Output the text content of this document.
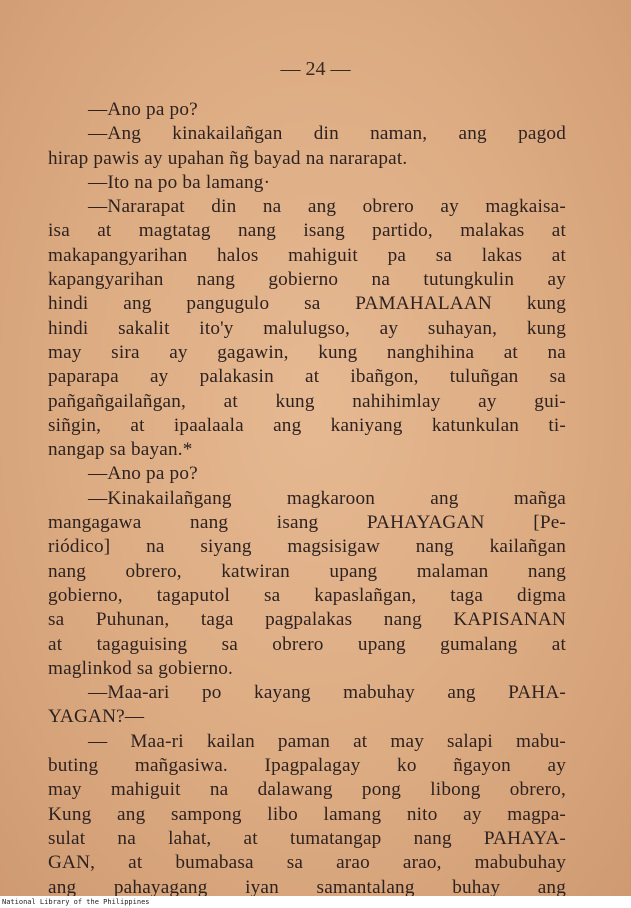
— 24 —
—Ano pa po?
—Ang kinakailañgan din naman, ang pagod
hirap pawis ay upahan ñg bayad na nararapat.
—Ito na po ba lamang·
—Nararapat din na ang obrero ay magkaisa-
isa at magtatag nang isang partido, malakas at
makapangyarihan halos mahiguit pa sa lakas at
kapangyarihan nang gobierno na tutungkulin ay
hindi ang pangugulo sa PAMAHALAAN kung
hindi sakalit ito'y malulugso, ay suhayan, kung
may sira ay gagawin, kung nanghihina at na
paparapa ay palakasin at ibañgon, tuluñgan sa
pañgañgailañgan, at kung nahihimlay ay gui-
siñgin, at ipaalaala ang kaniyang katunkulan ti-
nangap sa bayan.*
—Ano pa po?
—Kinakailañgang magkaroon ang mañga
mangagawa nang isang PAHAYAGAN [Pe-
riódico] na siyang magsisigaw nang kailañgan
nang obrero, katwiran upang malaman nang
gobierno, tagaputol sa kapaslañgan, taga digma
sa Puhunan, taga pagpalakas nang KAPISANAN
at tagaguising sa obrero upang gumalang at
maglinkod sa gobierno.
—Maa-ari po kayang mabuhay ang PAHA-
YAGAN?—
— Maa-ri kailan paman at may salapi mabu-
buting mañgasiwa. Ipagpalagay ko ñgayon ay
may mahiguit na dalawang pong libong obrero,
Kung ang sampong libo lamang nito ay magpa-
sulat na lahat, at tumatangap nang PAHAYA-
GAN, at bumabasa sa arao arao, mabubuhay
ang pahayagang iyan samantalang buhay ang
National Library of the Philippines
